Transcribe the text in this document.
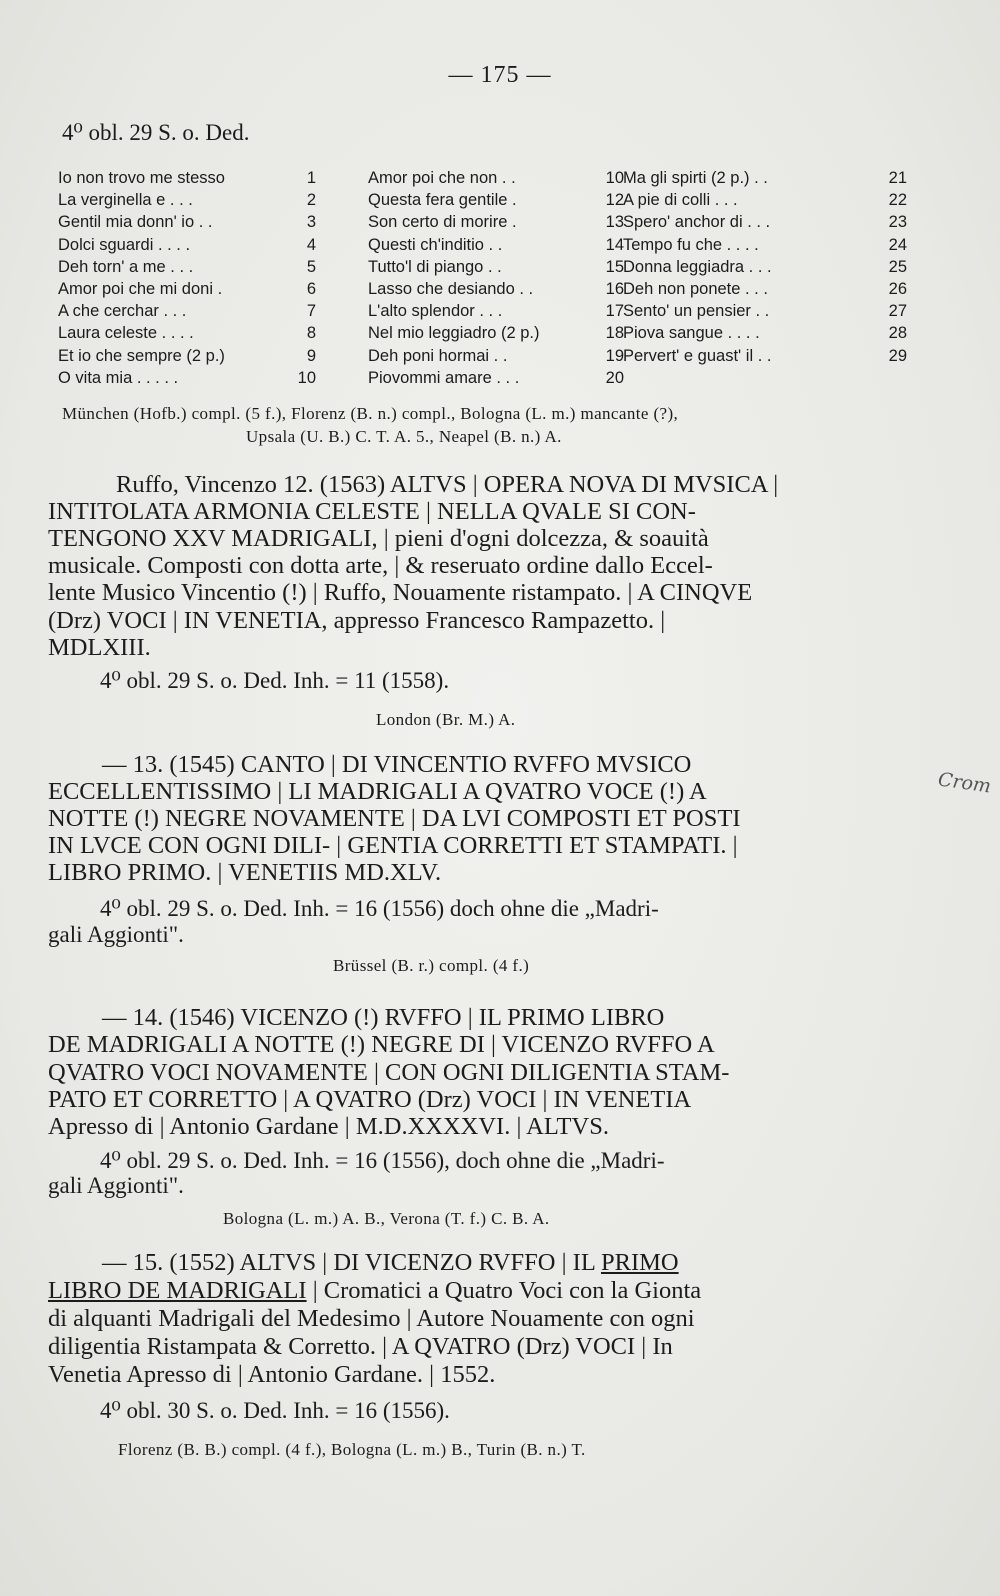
— 175 —
4⁰ obl. 29 S. o. Ded.
Io non trovo me stesso	1
La verginella e . . .	2
Gentil mia donn' io . .	3
Dolci sguardi . . . .	4
Deh torn' a me . . .	5
Amor poi che mi doni .	6
A che cerchar . . .	7
Laura celeste . . . .	8
Et io che sempre (2 p.)	9
O vita mia . . . . .	10
Amor poi che non . .	10
Questa fera gentile .	12
Son certo di morire .	13
Questi ch'inditio . .	14
Tutto'l di piango . .	15
Lasso che desiando . .	16
L'alto splendor . . .	17
Nel mio leggiadro (2 p.)	18
Deh poni hormai . .	19
Piovommi amare . . .	20
Ma gli spirti (2 p.) . .	21
A pie di colli . . .	22
Spero' anchor di . . .	23
Tempo fu che . . . .	24
Donna leggiadra . . .	25
Deh non ponete . . .	26
Sento' un pensier . .	27
Piova sangue . . . .	28
Pervert' e guast' il . .	29
München (Hofb.) compl. (5 f.), Florenz (B. n.) compl., Bologna (L. m.) mancante (?),
Upsala (U. B.) C. T. A. 5., Neapel (B. n.) A.
Ruffo, Vincenzo 12. (1563) ALTVS | OPERA NOVA DI MVSICA |
INTITOLATA ARMONIA CELESTE | NELLA QVALE SI CON-
TENGONO XXV MADRIGALI, | pieni d'ogni dolcezza, & soauità
musicale. Composti con dotta arte, | & reseruato ordine dallo Eccel-
lente Musico Vincentio (!) | Ruffo, Nouamente ristampato. | A CINQVE
(Drz) VOCI | IN VENETIA, appresso Francesco Rampazetto. |
MDLXIII.
4⁰ obl. 29 S. o. Ded. Inh. = 11 (1558).
London (Br. M.) A.
— 13. (1545) CANTO | DI VINCENTIO RVFFO MVSICO
ECCELLENTISSIMO | LI MADRIGALI A QVATRO VOCE (!) A
NOTTE (!) NEGRE NOVAMENTE | DA LVI COMPOSTI ET POSTI
IN LVCE CON OGNI DILI- | GENTIA CORRETTI ET STAMPATI. |
LIBRO PRIMO. | VENETIIS MD.XLV.
4⁰ obl. 29 S. o. Ded. Inh. = 16 (1556) doch ohne die „Madri-
gali Aggionti".
Brüssel (B. r.) compl. (4 f.)
Crom
— 14. (1546) VICENZO (!) RVFFO | IL PRIMO LIBRO
DE MADRIGALI A NOTTE (!) NEGRE DI | VICENZO RVFFO A
QVATRO VOCI NOVAMENTE | CON OGNI DILIGENTIA STAM-
PATO ET CORRETTO | A QVATRO (Drz) VOCI | IN VENETIA
Apresso di | Antonio Gardane | M.D.XXXXVI. | ALTVS.
4⁰ obl. 29 S. o. Ded. Inh. = 16 (1556), doch ohne die „Madri-
gali Aggionti".
Bologna (L. m.) A. B., Verona (T. f.) C. B. A.
— 15. (1552) ALTVS | DI VICENZO RVFFO | IL PRIMO
LIBRO DE MADRIGALI | Cromatici a Quatro Voci con la Gionta
di alquanti Madrigali del Medesimo | Autore Nouamente con ogni
diligentia Ristampata & Corretto. | A QVATRO (Drz) VOCI | In
Venetia Apresso di | Antonio Gardane. | 1552.
4⁰ obl. 30 S. o. Ded. Inh. = 16 (1556).
Florenz (B. B.) compl. (4 f.), Bologna (L. m.) B., Turin (B. n.) T.
